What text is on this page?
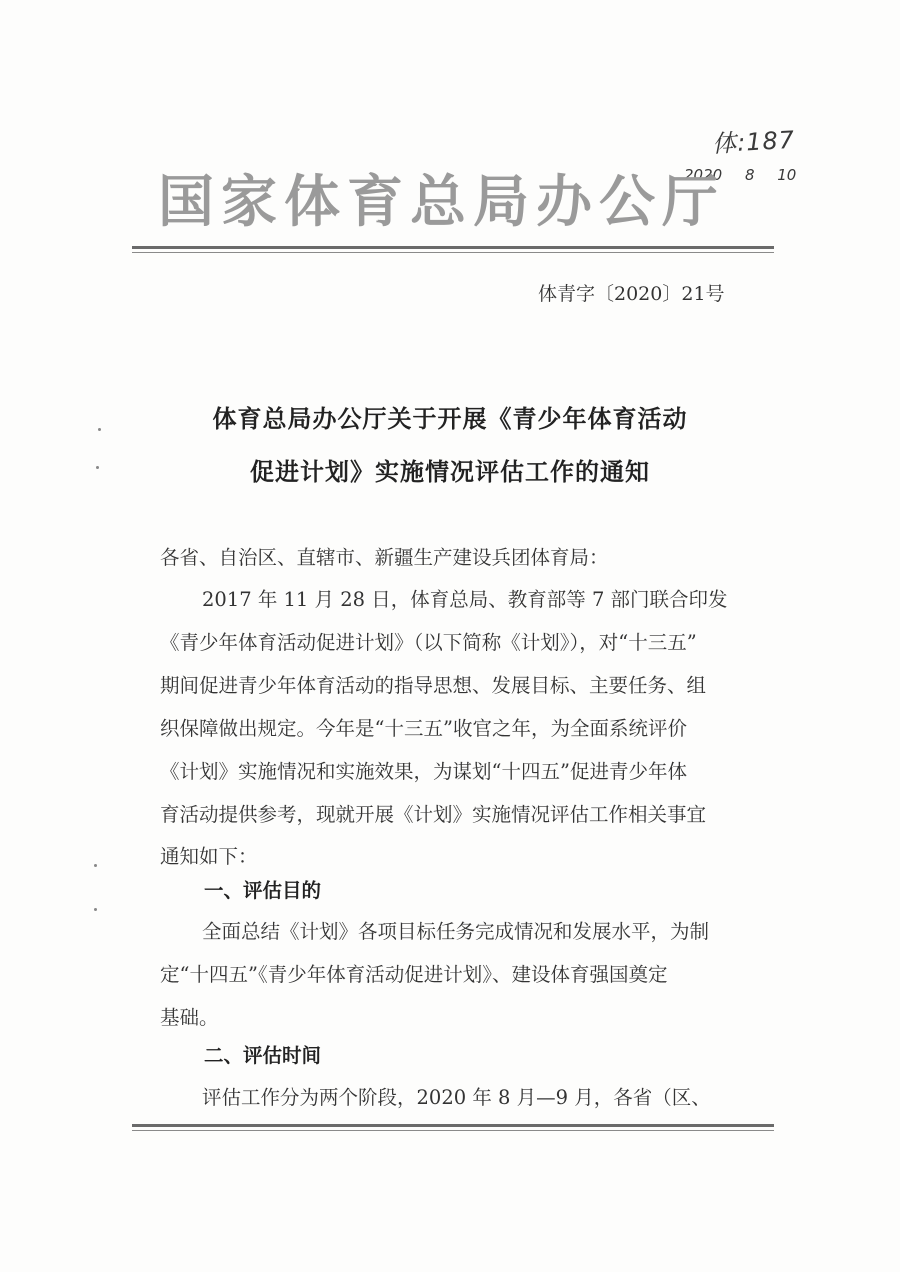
体:187
2020 8 10
国家体育总局办公厅
体青字〔2020〕21号
体育总局办公厅关于开展《青少年体育活动
促进计划》实施情况评估工作的通知
各省、自治区、直辖市、新疆生产建设兵团体育局：
2017 年 11 月 28 日，体育总局、教育部等 7 部门联合印发
《青少年体育活动促进计划》（以下简称《计划》），对“十三五”
期间促进青少年体育活动的指导思想、发展目标、主要任务、组
织保障做出规定。今年是“十三五”收官之年，为全面系统评价
《计划》实施情况和实施效果，为谋划“十四五”促进青少年体
育活动提供参考，现就开展《计划》实施情况评估工作相关事宜
通知如下：
一、评估目的
全面总结《计划》各项目标任务完成情况和发展水平，为制
定“十四五”《青少年体育活动促进计划》、建设体育强国奠定
基础。
二、评估时间
评估工作分为两个阶段，2020 年 8 月—9 月，各省（区、
